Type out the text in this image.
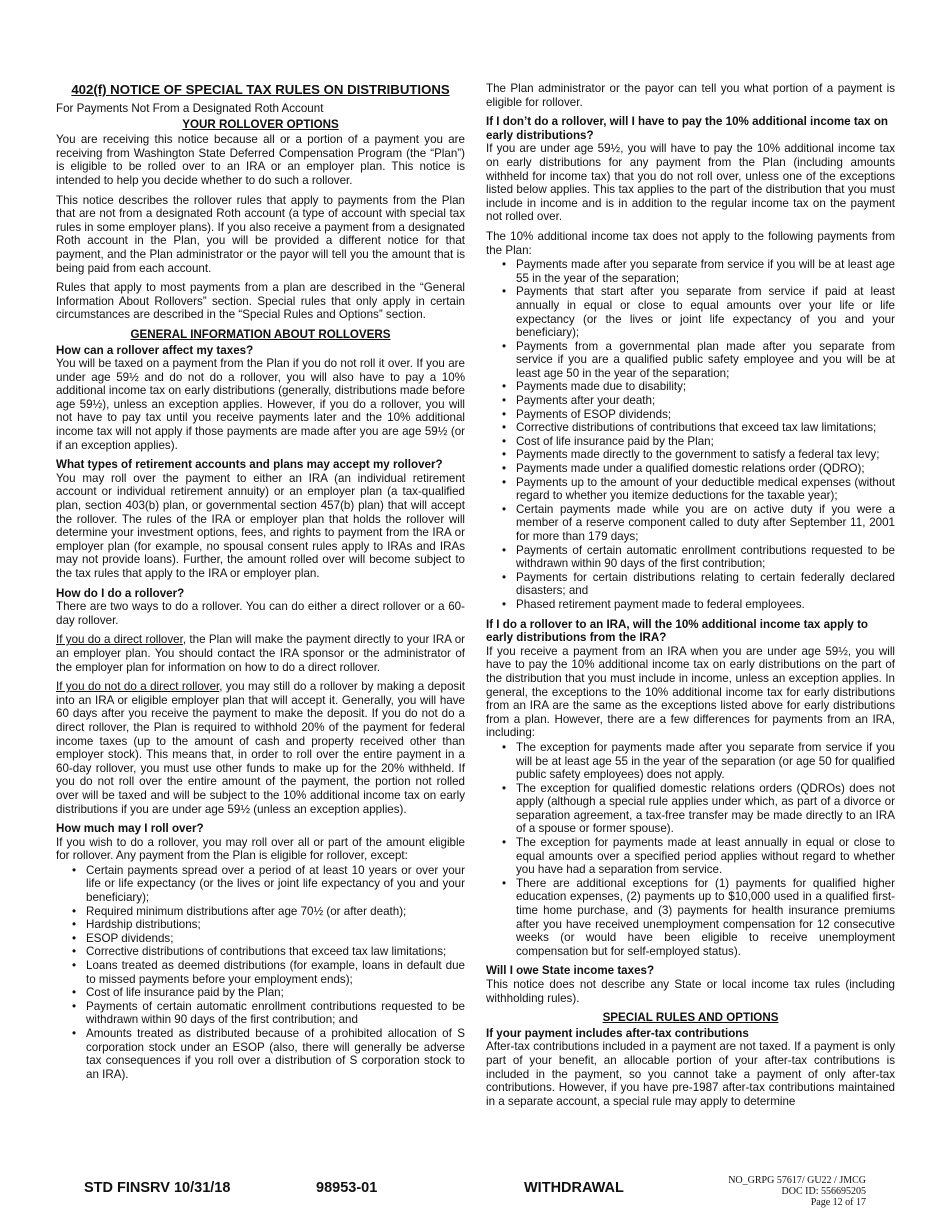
402(f) NOTICE OF SPECIAL TAX RULES ON DISTRIBUTIONS

For Payments Not From a Designated Roth Account

YOUR ROLLOVER OPTIONS

You are receiving this notice because all or a portion of a payment you are receiving from Washington State Deferred Compensation Program (the “Plan”) is eligible to be rolled over to an IRA or an employer plan. This notice is intended to help you decide whether to do such a rollover.

This notice describes the rollover rules that apply to payments from the Plan that are not from a designated Roth account (a type of account with special tax rules in some employer plans). If you also receive a payment from a designated Roth account in the Plan, you will be provided a different notice for that payment, and the Plan administrator or the payor will tell you the amount that is being paid from each account.

Rules that apply to most payments from a plan are described in the “General Information About Rollovers” section. Special rules that only apply in certain circumstances are described in the “Special Rules and Options” section.

GENERAL INFORMATION ABOUT ROLLOVERS
How can a rollover affect my taxes?

You will be taxed on a payment from the Plan if you do not roll it over. If you are under age 59½ and do not do a rollover, you will also have to pay a 10% additional income tax on early distributions (generally, distributions made before age 59½), unless an exception applies. However, if you do a rollover, you will not have to pay tax until you receive payments later and the 10% additional income tax will not apply if those payments are made after you are age 59½ (or if an exception applies).

What types of retirement accounts and plans may accept my rollover?

You may roll over the payment to either an IRA (an individual retirement account or individual retirement annuity) or an employer plan (a tax-qualified plan, section 403(b) plan, or governmental section 457(b) plan) that will accept the rollover. The rules of the IRA or employer plan that holds the rollover will determine your investment options, fees, and rights to payment from the IRA or employer plan (for example, no spousal consent rules apply to IRAs and IRAs may not provide loans). Further, the amount rolled over will become subject to the tax rules that apply to the IRA or employer plan.

How do I do a rollover?

There are two ways to do a rollover. You can do either a direct rollover or a 60-day rollover.

If you do a direct rollover, the Plan will make the payment directly to your IRA or an employer plan. You should contact the IRA sponsor or the administrator of the employer plan for information on how to do a direct rollover.

If you do not do a direct rollover, you may still do a rollover by making a deposit into an IRA or eligible employer plan that will accept it. Generally, you will have 60 days after you receive the payment to make the deposit. If you do not do a direct rollover, the Plan is required to withhold 20% of the payment for federal income taxes (up to the amount of cash and property received other than employer stock). This means that, in order to roll over the entire payment in a 60-day rollover, you must use other funds to make up for the 20% withheld. If you do not roll over the entire amount of the payment, the portion not rolled over will be taxed and will be subject to the 10% additional income tax on early distributions if you are under age 59½ (unless an exception applies).

How much may I roll over?

If you wish to do a rollover, you may roll over all or part of the amount eligible for rollover. Any payment from the Plan is eligible for rollover, except:

• Certain payments spread over a period of at least 10 years or over your life or life expectancy (or the lives or joint life expectancy of you and your beneficiary);
• Required minimum distributions after age 70½ (or after death);
• Hardship distributions;
• ESOP dividends;
• Corrective distributions of contributions that exceed tax law limitations;
• Loans treated as deemed distributions (for example, loans in default due to missed payments before your employment ends);
• Cost of life insurance paid by the Plan;
• Payments of certain automatic enrollment contributions requested to be withdrawn within 90 days of the first contribution; and
• Amounts treated as distributed because of a prohibited allocation of S corporation stock under an ESOP (also, there will generally be adverse tax consequences if you roll over a distribution of S corporation stock to an IRA).

The Plan administrator or the payor can tell you what portion of a payment is eligible for rollover.

If I don’t do a rollover, will I have to pay the 10% additional income tax on early distributions?

If you are under age 59½, you will have to pay the 10% additional income tax on early distributions for any payment from the Plan (including amounts withheld for income tax) that you do not roll over, unless one of the exceptions listed below applies. This tax applies to the part of the distribution that you must include in income and is in addition to the regular income tax on the payment not rolled over.

The 10% additional income tax does not apply to the following payments from the Plan:

• Payments made after you separate from service if you will be at least age 55 in the year of the separation;
• Payments that start after you separate from service if paid at least annually in equal or close to equal amounts over your life or life expectancy (or the lives or joint life expectancy of you and your beneficiary);
• Payments from a governmental plan made after you separate from service if you are a qualified public safety employee and you will be at least age 50 in the year of the separation;
• Payments made due to disability;
• Payments after your death;
• Payments of ESOP dividends;
• Corrective distributions of contributions that exceed tax law limitations;
• Cost of life insurance paid by the Plan;
• Payments made directly to the government to satisfy a federal tax levy;
• Payments made under a qualified domestic relations order (QDRO);
• Payments up to the amount of your deductible medical expenses (without regard to whether you itemize deductions for the taxable year);
• Certain payments made while you are on active duty if you were a member of a reserve component called to duty after September 11, 2001 for more than 179 days;
• Payments of certain automatic enrollment contributions requested to be withdrawn within 90 days of the first contribution;
• Payments for certain distributions relating to certain federally declared disasters; and
• Phased retirement payment made to federal employees.
If I do a rollover to an IRA, will the 10% additional income tax apply to early distributions from the IRA?

If you receive a payment from an IRA when you are under age 59½, you will have to pay the 10% additional income tax on early distributions on the part of the distribution that you must include in income, unless an exception applies. In general, the exceptions to the 10% additional income tax for early distributions from an IRA are the same as the exceptions listed above for early distributions from a plan. However, there are a few differences for payments from an IRA, including:

• The exception for payments made after you separate from service if you will be at least age 55 in the year of the separation (or age 50 for qualified public safety employees) does not apply.
• The exception for qualified domestic relations orders (QDROs) does not apply (although a special rule applies under which, as part of a divorce or separation agreement, a tax-free transfer may be made directly to an IRA of a spouse or former spouse).
• The exception for payments made at least annually in equal or close to equal amounts over a specified period applies without regard to whether you have had a separation from service.
• There are additional exceptions for (1) payments for qualified higher education expenses, (2) payments up to $10,000 used in a qualified first-time home purchase, and (3) payments for health insurance premiums after you have received unemployment compensation for 12 consecutive weeks (or would have been eligible to receive unemployment compensation but for self-employed status).
Will I owe State income taxes?

This notice does not describe any State or local income tax rules (including withholding rules).

SPECIAL RULES AND OPTIONS
If your payment includes after-tax contributions

After-tax contributions included in a payment are not taxed. If a payment is only part of your benefit, an allocable portion of your after-tax contributions is included in the payment, so you cannot take a payment of only after-tax contributions. However, if you have pre-1987 after-tax contributions maintained in a separate account, a special rule may apply to determine

STD FINSRV 10/31/18	98953-01	WITHDRAWAL	NO_GRPG 57617/ GU22 / JMCG
DOC ID: 556695205
Page 12 of 17
